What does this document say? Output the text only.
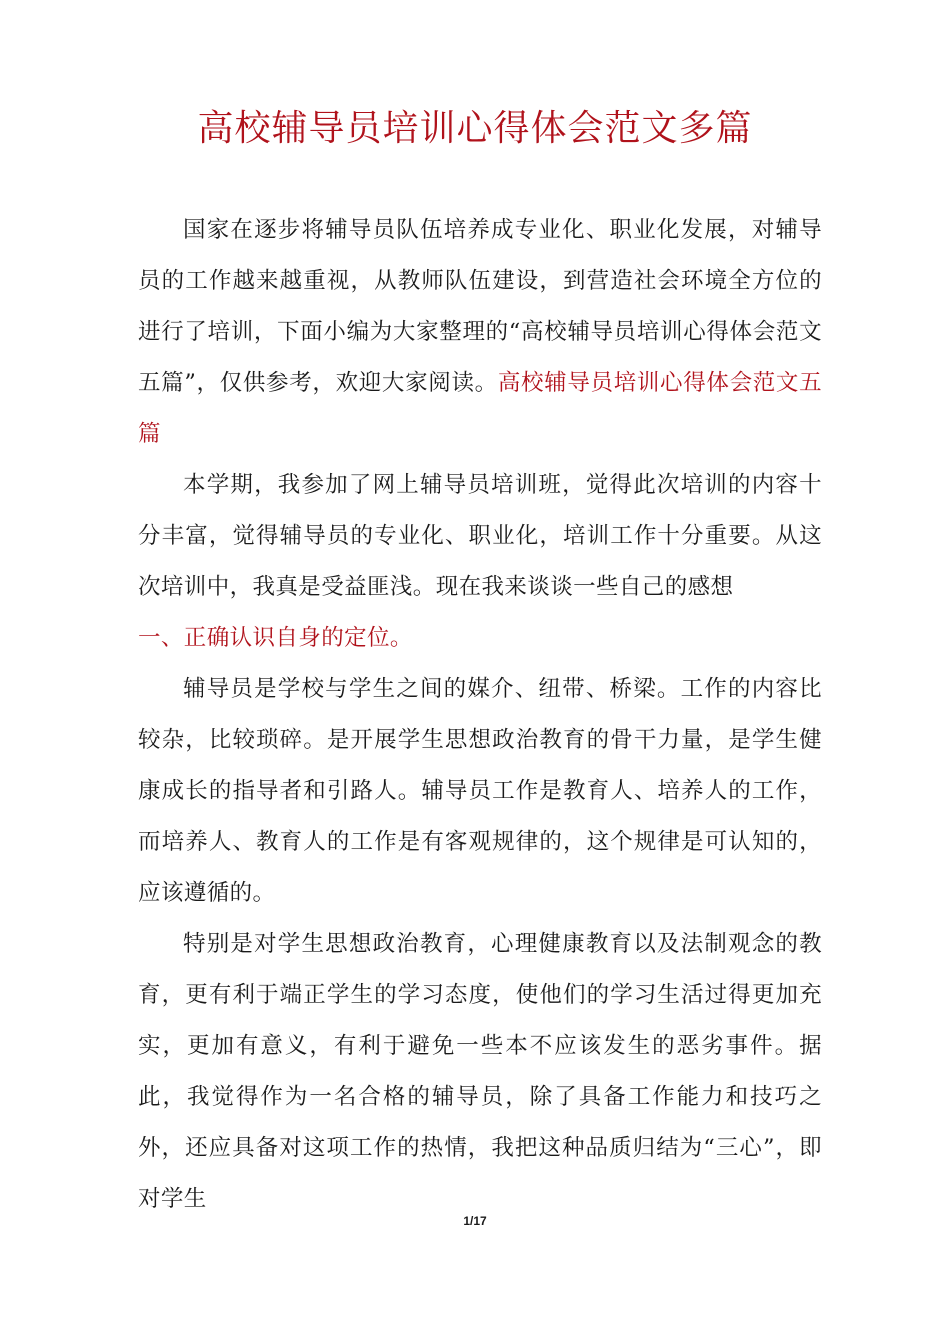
高校辅导员培训心得体会范文多篇

国家在逐步将辅导员队伍培养成专业化、职业化发展，对辅导员的工作越来越重视，从教师队伍建设，到营造社会环境全方位的进行了培训，下面小编为大家整理的“高校辅导员培训心得体会范文五篇”，仅供参考，欢迎大家阅读。高校辅导员培训心得体会范文五篇

本学期，我参加了网上辅导员培训班，觉得此次培训的内容十分丰富，觉得辅导员的专业化、职业化，培训工作十分重要。从这次培训中，我真是受益匪浅。现在我来谈谈一些自己的感想

一、正确认识自身的定位。

辅导员是学校与学生之间的媒介、纽带、桥梁。工作的内容比较杂，比较琐碎。是开展学生思想政治教育的骨干力量，是学生健康成长的指导者和引路人。辅导员工作是教育人、培养人的工作，而培养人、教育人的工作是有客观规律的，这个规律是可认知的，应该遵循的。

特别是对学生思想政治教育，心理健康教育以及法制观念的教育，更有利于端正学生的学习态度，使他们的学习生活过得更加充实，更加有意义，有利于避免一些本不应该发生的恶劣事件。据此，我觉得作为一名合格的辅导员，除了具备工作能力和技巧之外，还应具备对这项工作的热情，我把这种品质归结为“三心”，即对学生

1/17
